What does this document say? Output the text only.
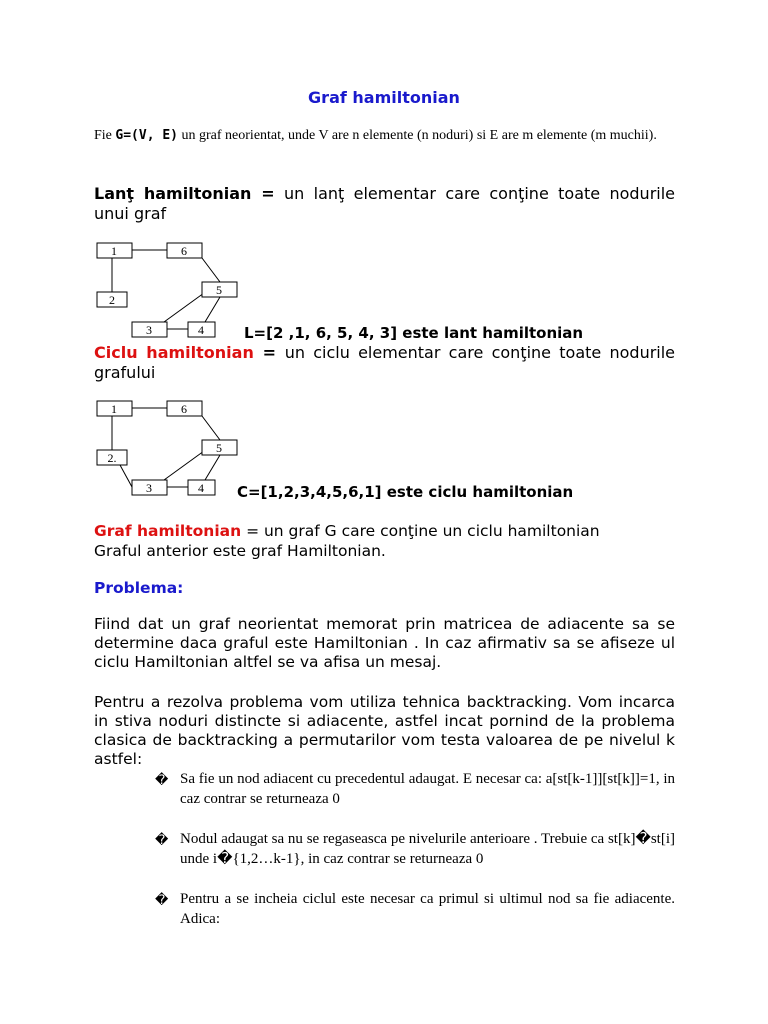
Graf hamiltonian
Fie G=(V, E) un graf neorientat, unde V are n elemente (n noduri) si E are m elemente (m muchii).
Lanţ hamiltonian = un lanţ elementar care conţine toate nodurile unui graf
1	6
5
2
3	4	L=[2 ,1, 6, 5, 4, 3] este lant hamiltonian
Ciclu hamiltonian = un ciclu elementar care conţine toate nodurile grafului
1	6
5
2.
3	4 C=[1,2,3,4,5,6,1] este ciclu hamiltonian
Graf hamiltonian = un graf G care conţine un ciclu hamiltonian
Graful anterior este graf Hamiltonian.
Problema:
Fiind dat un graf neorientat memorat prin matricea de adiacente sa se determine daca graful este Hamiltonian . In caz afirmativ sa se afiseze ul ciclu Hamiltonian altfel se va afisa un mesaj.
Pentru a rezolva problema vom utiliza tehnica backtracking. Vom incarca in stiva noduri distincte si adiacente, astfel incat pornind de la problema clasica de backtracking a permutarilor vom testa valoarea de pe nivelul k astfel:
� Sa fie un nod adiacent cu precedentul adaugat. E necesar ca: a[st[k-1]][st[k]]=1, in caz contrar se returneaza 0
� Nodul adaugat sa nu se regaseasca pe nivelurile anterioare . Trebuie ca st[k]�st[i] unde i�{1,2…k-1}, in caz contrar se returneaza 0
� Pentru a se incheia ciclul este necesar ca primul si ultimul nod sa fie adiacente. Adica:
